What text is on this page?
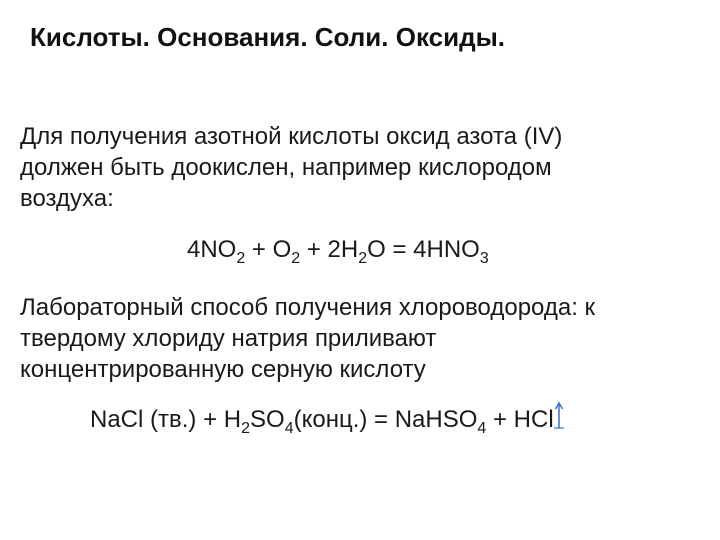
Кислоты. Основания. Соли. Оксиды.
Для получения азотной кислоты оксид азота (IV)
должен быть доокислен, например кислородом
воздуха:
$4NO_2 + O_2 + 2H_2O = 4HNO_3$
Лабораторный способ получения хлороводорода: к
твердому хлориду натрия приливают
концентрированную серную кислоту
NaCl $(тв.) + H_2SO_4(конц.)$ = NaHSO$_4$ + HCl
